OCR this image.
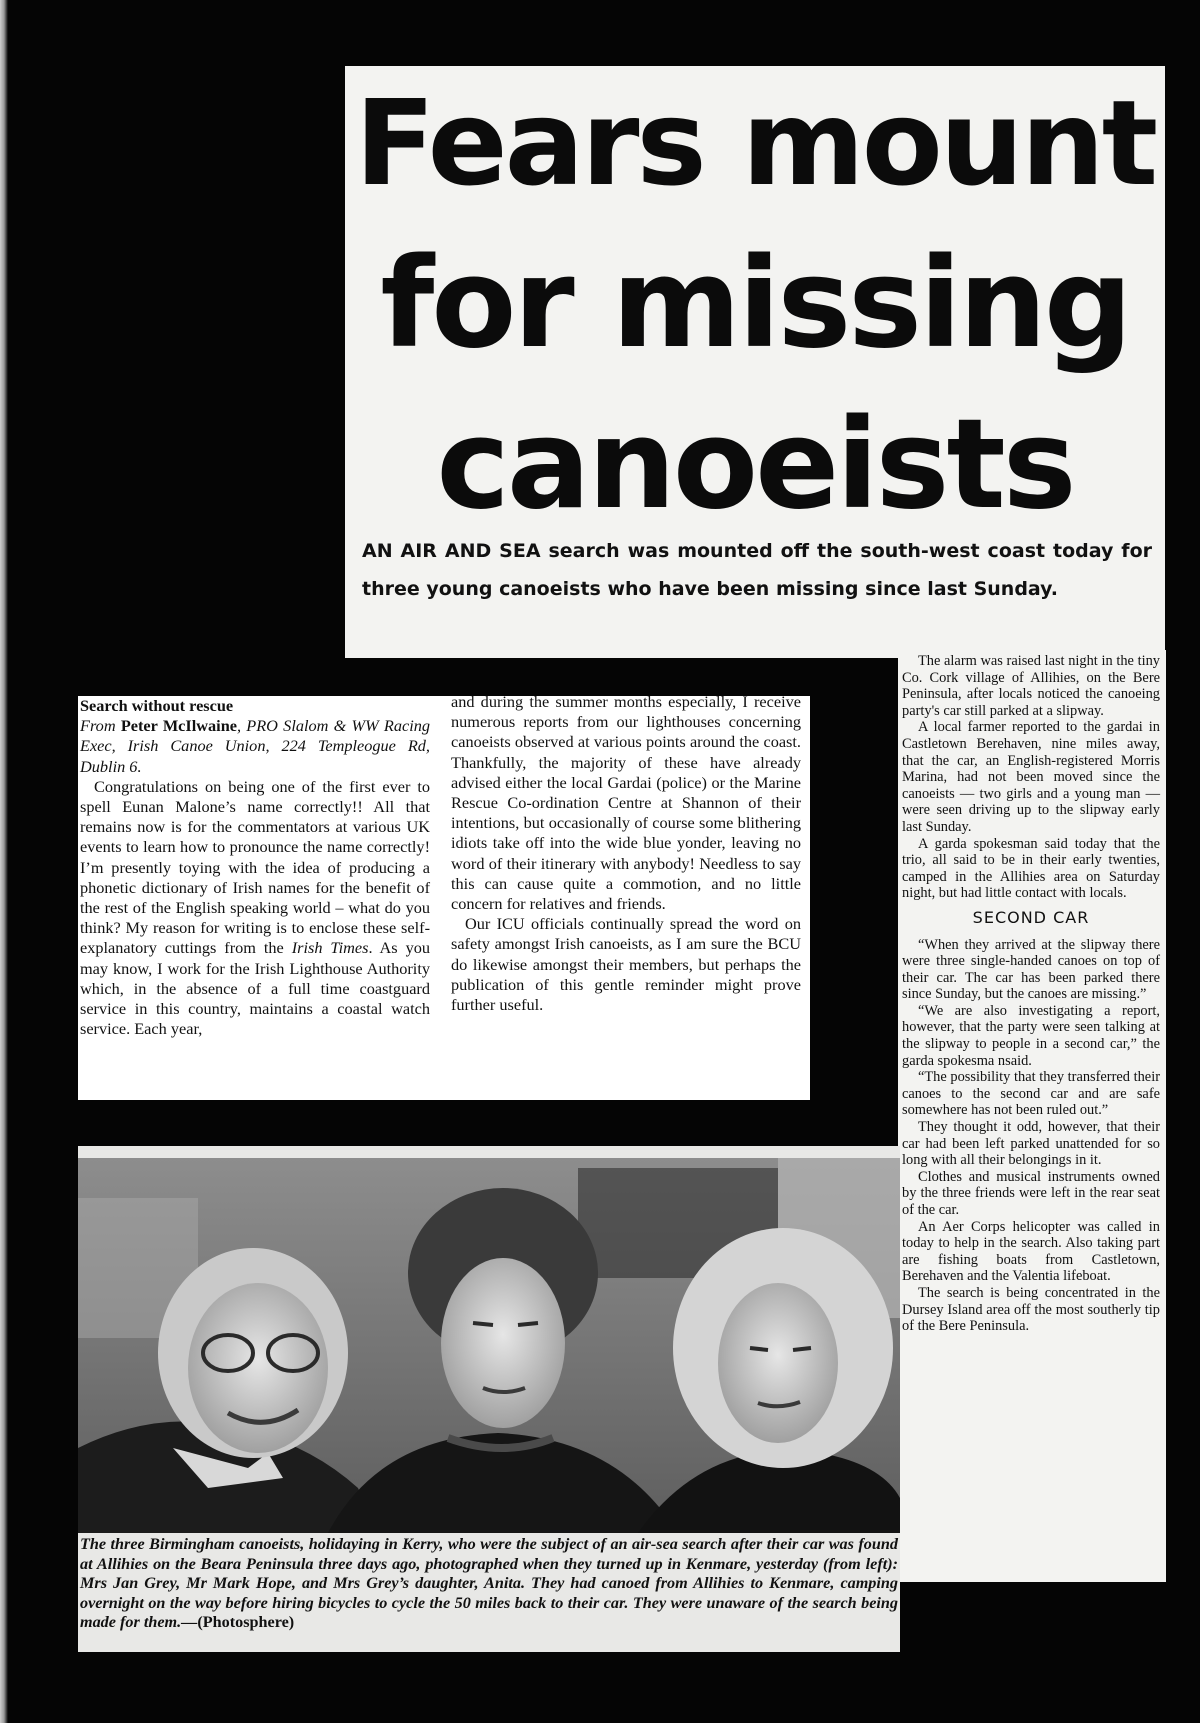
Fears mount
for missing
canoeists
AN AIR AND SEA search was mounted off the south-west coast today for three young canoeists who have been missing since last Sunday.

Search without rescue

From Peter McIlwaine, PRO Slalom & WW Racing Exec, Irish Canoe Union, 224 Templeogue Rd, Dublin 6.

Congratulations on being one of the first ever to spell Eunan Malone’s name correctly!! All that remains now is for the commentators at various UK events to learn how to pronounce the name correctly! I’m presently toying with the idea of producing a phonetic dictionary of Irish names for the benefit of the rest of the English speaking world – what do you think? My reason for writing is to enclose these self-explanatory cuttings from the Irish Times. As you may know, I work for the Irish Lighthouse Authority which, in the absence of a full time coastguard service in this country, maintains a coastal watch service. Each year,

and during the summer months especially, I receive numerous reports from our lighthouses concerning canoeists observed at various points around the coast. Thankfully, the majority of these have already advised either the local Gardai (police) or the Marine Rescue Co-ordination Centre at Shannon of their intentions, but occasionally of course some blithering idiots take off into the wide blue yonder, leaving no word of their itinerary with anybody! Needless to say this can cause quite a commotion, and no little concern for relatives and friends.

Our ICU officials continually spread the word on safety amongst Irish canoeists, as I am sure the BCU do likewise amongst their members, but perhaps the publication of this gentle reminder might prove further useful.

The alarm was raised last night in the tiny Co. Cork village of Allihies, on the Bere Peninsula, after locals noticed the canoeing party's car still parked at a slipway.

A local farmer reported to the gardai in Castletown Berehaven, nine miles away, that the car, an English-registered Morris Marina, had not been moved since the canoeists — two girls and a young man — were seen driving up to the slipway early last Sunday.

A garda spokesman said today that the trio, all said to be in their early twenties, camped in the Allihies area on Saturday night, but had little contact with locals.

SECOND CAR

“When they arrived at the slipway there were three single-handed canoes on top of their car. The car has been parked there since Sunday, but the canoes are missing.”

“We are also investigating a report, however, that the party were seen talking at the slipway to people in a second car,” the garda spokesma nsaid.

“The possibility that they transferred their canoes to the second car and are safe somewhere has not been ruled out.”

They thought it odd, however, that their car had been left parked unattended for so long with all their belongings in it.

Clothes and musical instruments owned by the three friends were left in the rear seat of the car.

An Aer Corps helicopter was called in today to help in the search. Also taking part are fishing boats from Castletown, Berehaven and the Valentia lifeboat.

The search is being concentrated in the Dursey Island area off the most southerly tip of the Bere Peninsula.

The three Birmingham canoeists, holidaying in Kerry, who were the subject of an air-sea search after their car was found at Allihies on the Beara Peninsula three days ago, photographed when they turned up in Kenmare, yesterday (from left): Mrs Jan Grey, Mr Mark Hope, and Mrs Grey’s daughter, Anita. They had canoed from Allihies to Kenmare, camping overnight on the way before hiring bicycles to cycle the 50 miles back to their car. They were unaware of the search being made for them.—(Photosphere)
